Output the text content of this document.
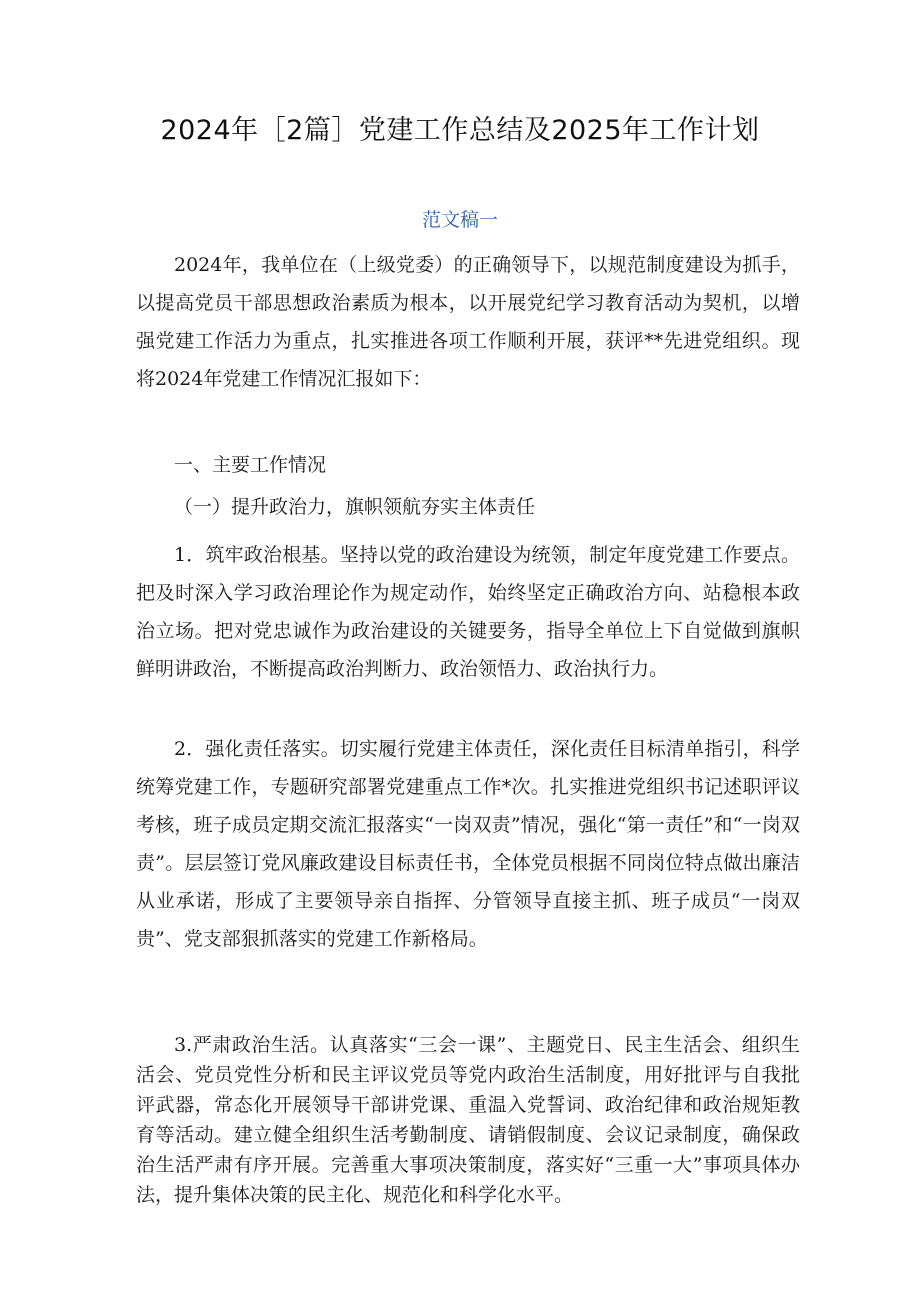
2024年［2篇］党建工作总结及2025年工作计划
范文稿一

2024年，我单位在（上级党委）的正确领导下，以规范制度建设为抓手，以提高党员干部思想政治素质为根本，以开展党纪学习教育活动为契机，以增强党建工作活力为重点，扎实推进各项工作顺利开展，获评**先进党组织。现将2024年党建工作情况汇报如下：

一、主要工作情况

（一）提升政治力，旗帜领航夯实主体责任

1．筑牢政治根基。坚持以党的政治建设为统领，制定年度党建工作要点。把及时深入学习政治理论作为规定动作，始终坚定正确政治方向、站稳根本政治立场。把对党忠诚作为政治建设的关键要务，指导全单位上下自觉做到旗帜鲜明讲政治，不断提高政治判断力、政治领悟力、政治执行力。

2．强化责任落实。切实履行党建主体责任，深化责任目标清单指引，科学统筹党建工作，专题研究部署党建重点工作*次。扎实推进党组织书记述职评议考核，班子成员定期交流汇报落实“一岗双责”情况，强化“第一责任”和“一岗双责”。层层签订党风廉政建设目标责任书，全体党员根据不同岗位特点做出廉洁从业承诺，形成了主要领导亲自指挥、分管领导直接主抓、班子成员“一岗双贵”、党支部狠抓落实的党建工作新格局。

3.严肃政治生活。认真落实“三会一课”、主题党日、民主生活会、组织生活会、党员党性分析和民主评议党员等党内政治生活制度，用好批评与自我批评武器，常态化开展领导干部讲党课、重温入党誓词、政治纪律和政治规矩教育等活动。建立健全组织生活考勤制度、请销假制度、会议记录制度，确保政治生活严肃有序开展。完善重大事项决策制度，落实好“三重一大”事项具体办法，提升集体决策的民主化、规范化和科学化水平。
